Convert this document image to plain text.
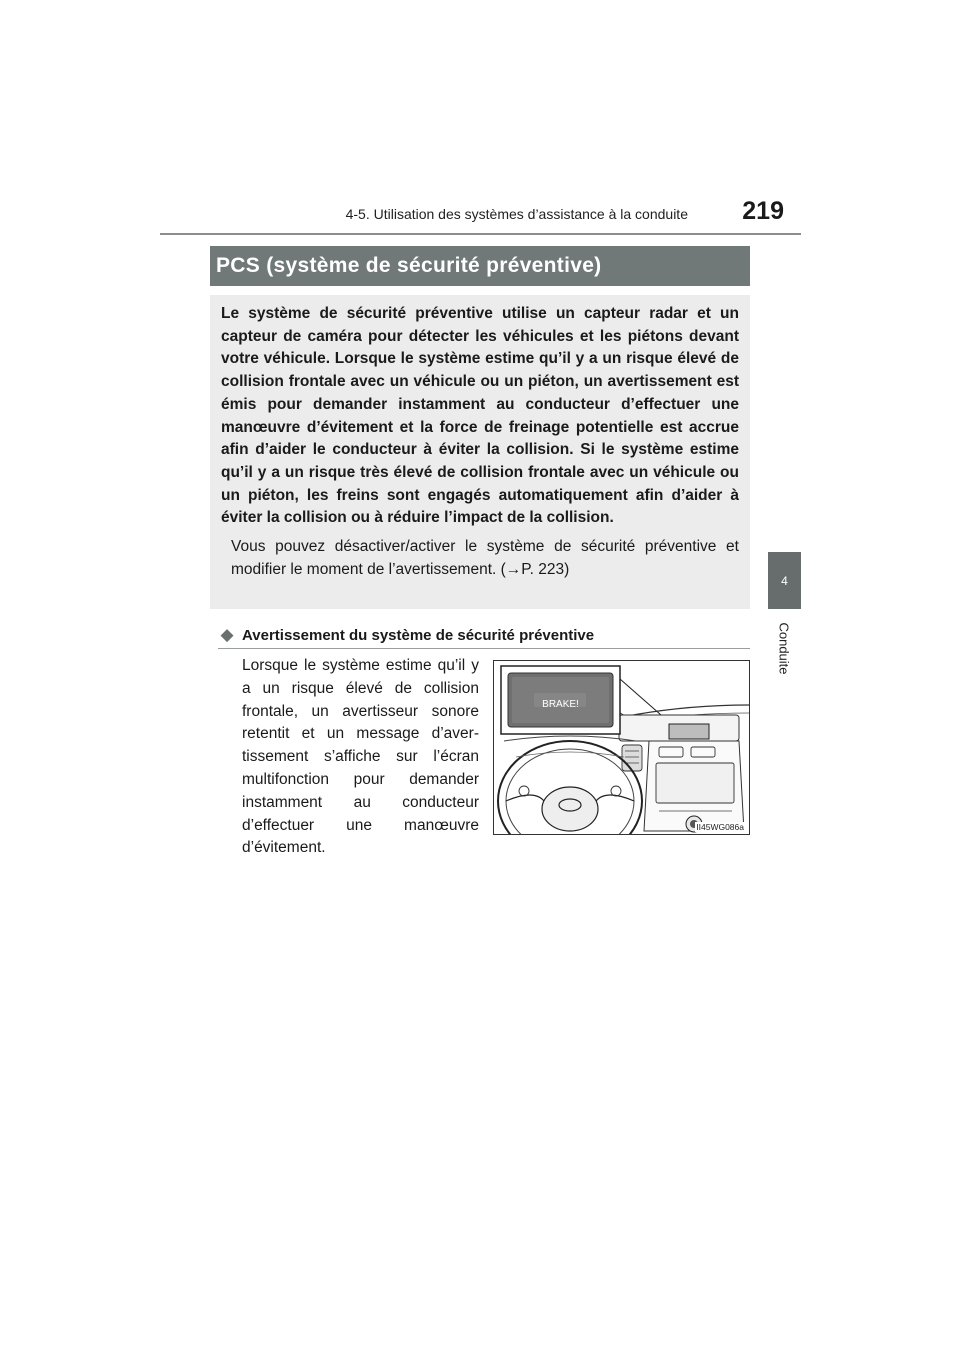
4-5. Utilisation des systèmes d’assistance à la conduite	219
4
Conduite
PCS (système de sécurité préventive)

Le système de sécurité préventive utilise un capteur radar et un capteur de caméra pour détecter les véhicules et les piétons devant votre véhicule. Lorsque le système estime qu’il y a un risque élevé de collision frontale avec un véhicule ou un piéton, un avertissement est émis pour demander instamment au conducteur d’effectuer une manœuvre d’évitement et la force de freinage potentielle est accrue afin d’aider le conducteur à éviter la collision. Si le système estime qu’il y a un risque très élevé de collision frontale avec un véhicule ou un piéton, les freins sont engagés automatiquement afin d’aider à éviter la collision ou à réduire l’impact de la collision.

Vous pouvez désactiver/activer le système de sécurité préventive et modifier le moment de l’avertissement. (→P. 223)

◆ Avertissement du système de sécurité préventive

Lorsque le système estime qu’il y a un risque élevé de collision frontale, un avertisseur sonore retentit et un message d’aver-tissement s’affiche sur l’écran multifonction pour demander instamment au conducteur d’effectuer une manœuvre d’évitement.

BRAKE!
II45WG086a
